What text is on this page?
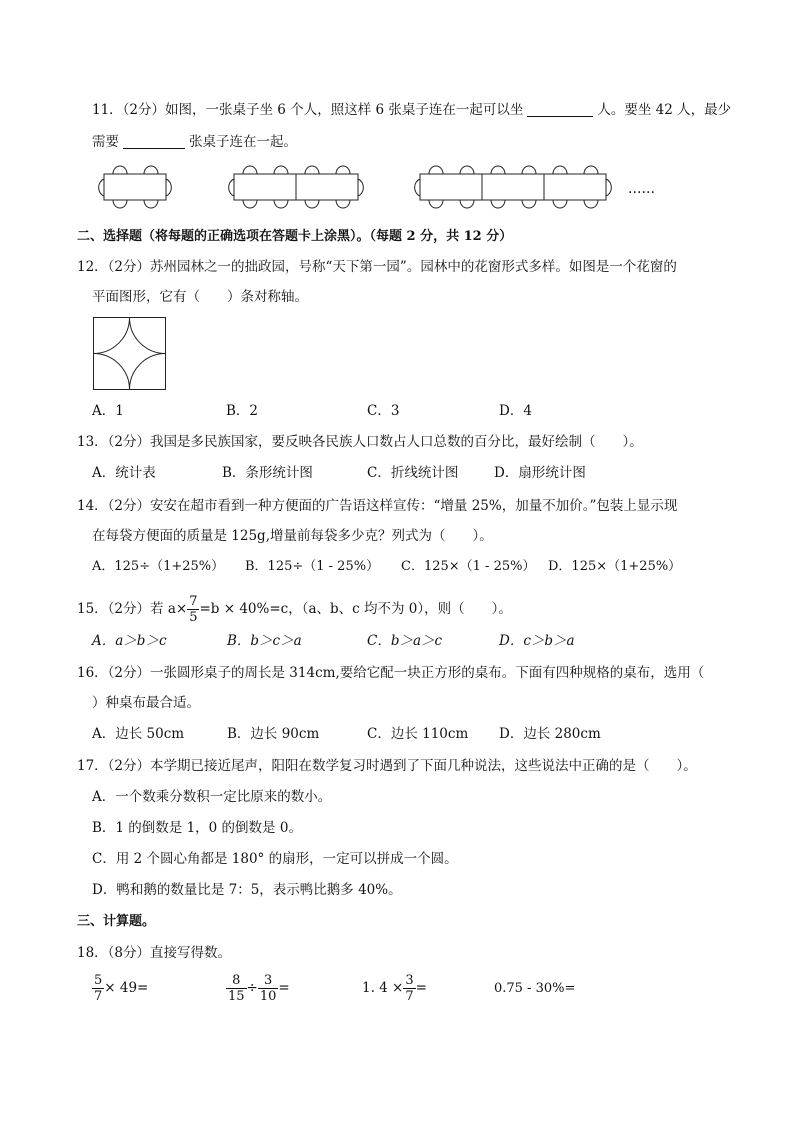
11．（2分）如图，一张桌子坐 6 个人，照这样 6 张桌子连在一起可以坐	人。要坐 42 人，最少
需要	张桌子连在一起。
……
二、选择题（将每题的正确选项在答题卡上涂黑）。（每题 2 分，共 12 分）
12．（2分）苏州园林之一的拙政园，号称“天下第一园”。园林中的花窗形式多样。如图是一个花窗的
平面图形，它有（　　）条对称轴。
A．1	B．2	C．3	D．4
13．（2分）我国是多民族国家，要反映各民族人口数占人口总数的百分比，最好绘制（　　）。
A．统计表	B．条形统计图	C．折线统计图	D．扇形统计图
14．（2分）安安在超市看到一种方便面的广告语这样宣传：“增量 25%，加量不加价。”包装上显示现
在每袋方便面的质量是 125g,增量前每袋多少克？列式为（　　）。
A．125÷（1+25%） B．125÷（1 - 25%） C．125×（1 - 25%） D．125×（1+25%）
15．（2分）若 $a\times \frac{7}{5} =b \times 40\%=c$，（a、b、c 均不为 0），则（　　）。
A．a＞b＞c	B．b＞c＞a	C．b＞a＞c	D．c＞b＞a
16．（2分）一张圆形桌子的周长是 314cm,要给它配一块正方形的桌布。下面有四种规格的桌布，选用（
）种桌布最合适。
A．边长 50cm	B．边长 90cm	C．边长 110cm D．边长 280cm
17．（2分）本学期已接近尾声，阳阳在数学复习时遇到了下面几种说法，这些说法中正确的是（　　）。
A．一个数乘分数积一定比原来的数小。
B．1 的倒数是 1，0 的倒数是 0。
C．用 2 个圆心角都是 180° 的扇形，一定可以拼成一个圆。
D．鸭和鹅的数量比是 7：5，表示鸭比鹅多 40%。
三、计算题。
18．（8分）直接写得数。
$\frac{5}{7} \times 49=$	$\frac{8}{15} \div \frac{3}{10}$ =	1. $4 \times \frac{3}{7}$ =	0.75 - 30%=
